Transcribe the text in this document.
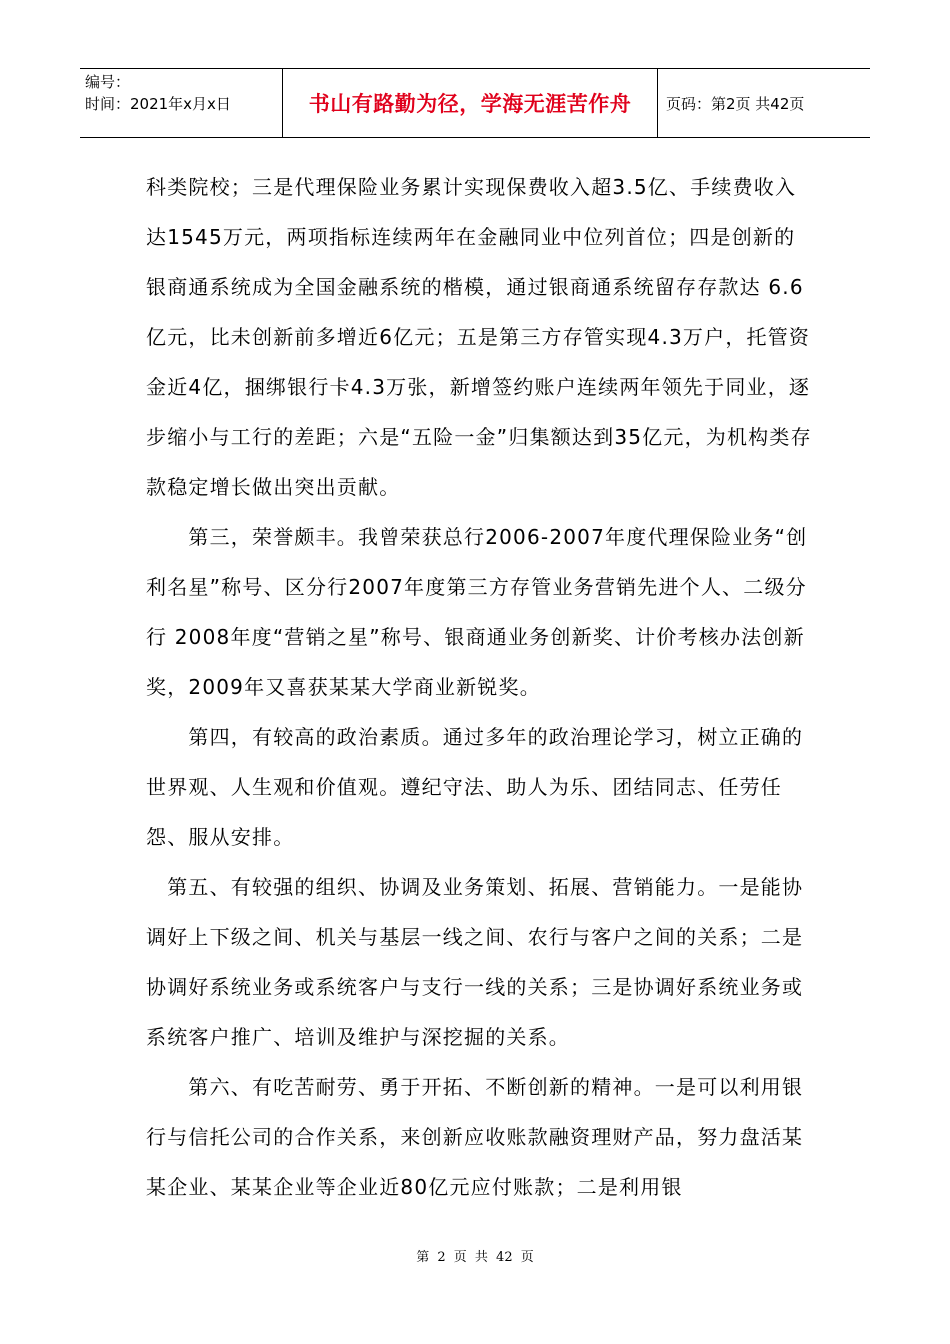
编号：
时间：2021年x月x日	书山有路勤为径，学海无涯苦作舟	页码：第2页 共42页

科类院校；三是代理保险业务累计实现保费收入超3.5亿、手续费收入达1545万元，两项指标连续两年在金融同业中位列首位；四是创新的银商通系统成为全国金融系统的楷模，通过银商通系统留存存款达 6.6亿元，比未创新前多增近6亿元；五是第三方存管实现4.3万户，托管资金近4亿，捆绑银行卡4.3万张，新增签约账户连续两年领先于同业，逐步缩小与工行的差距；六是“五险一金”归集额达到35亿元，为机构类存款稳定增长做出突出贡献。

　　第三，荣誉颇丰。我曾荣获总行2006-2007年度代理保险业务“创利名星”称号、区分行2007年度第三方存管业务营销先进个人、二级分行 2008年度“营销之星”称号、银商通业务创新奖、计价考核办法创新奖，2009年又喜获某某大学商业新锐奖。

　　第四，有较高的政治素质。通过多年的政治理论学习，树立正确的世界观、人生观和价值观。遵纪守法、助人为乐、团结同志、任劳任怨、服从安排。

　第五、有较强的组织、协调及业务策划、拓展、营销能力。一是能协调好上下级之间、机关与基层一线之间、农行与客户之间的关系；二是协调好系统业务或系统客户与支行一线的关系；三是协调好系统业务或系统客户推广、培训及维护与深挖掘的关系。

　　第六、有吃苦耐劳、勇于开拓、不断创新的精神。一是可以利用银行与信托公司的合作关系，来创新应收账款融资理财产品，努力盘活某某企业、某某企业等企业近80亿元应付账款；二是利用银

第 2 页 共 42 页
